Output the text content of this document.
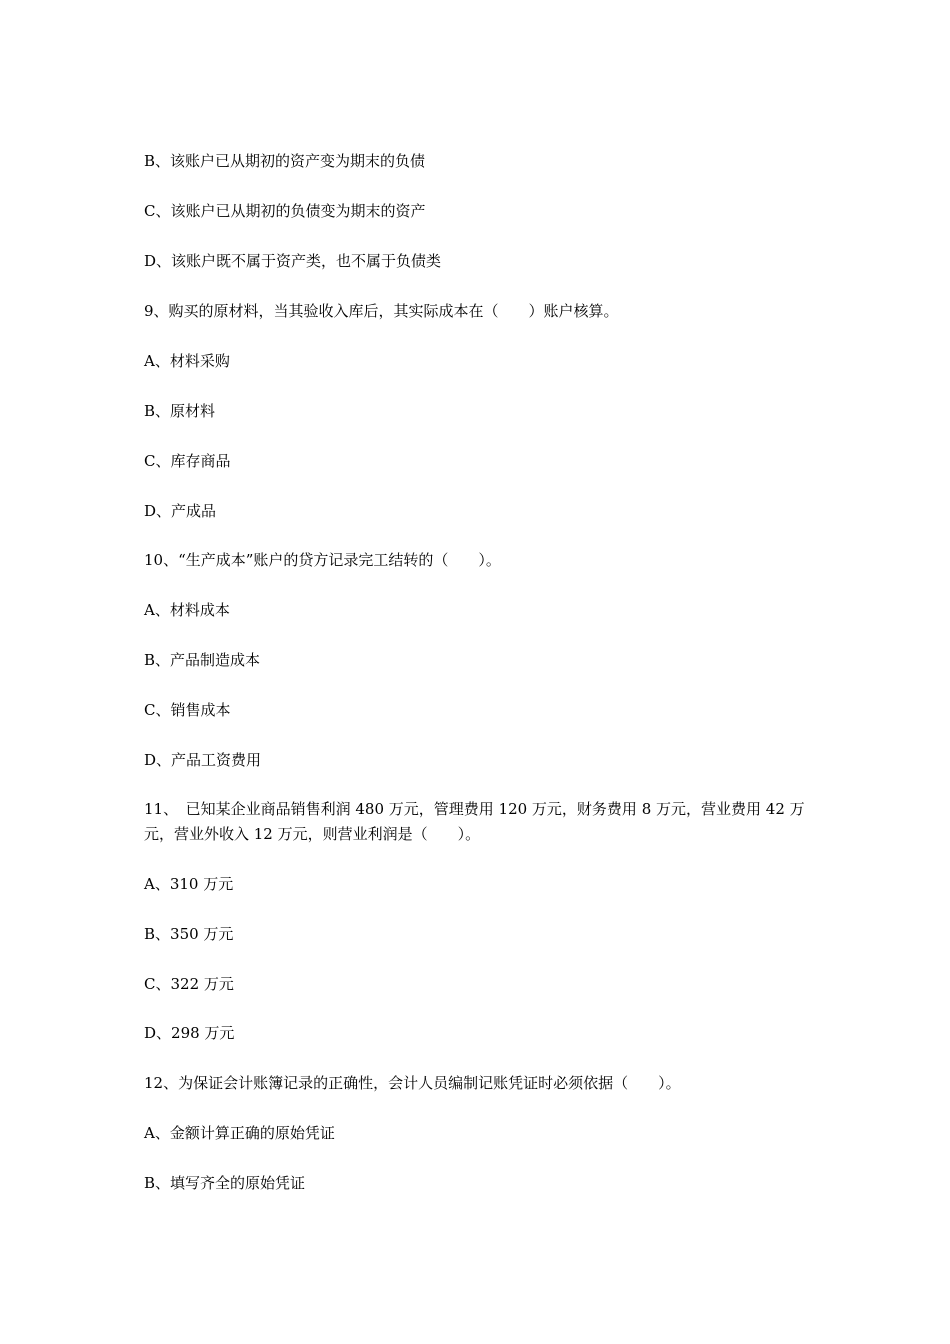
B、该账户已从期初的资产变为期末的负债
C、该账户已从期初的负债变为期末的资产
D、该账户既不属于资产类，也不属于负债类
9、购买的原材料，当其验收入库后，其实际成本在（　　）账户核算。
A、材料采购
B、原材料
C、库存商品
D、产成品
10、“生产成本”账户的贷方记录完工结转的（　　）。
A、材料成本
B、产品制造成本
C、销售成本
D、产品工资费用
11、　已知某企业商品销售利润 480 万元，管理费用 120 万元，财务费用 8 万元，营业费用 42 万元，营业外收入 12 万元，则营业利润是（　　）。
A、310 万元
B、350 万元
C、322 万元
D、298 万元
12、为保证会计账簿记录的正确性，会计人员编制记账凭证时必须依据（　　）。
A、金额计算正确的原始凭证
B、填写齐全的原始凭证
